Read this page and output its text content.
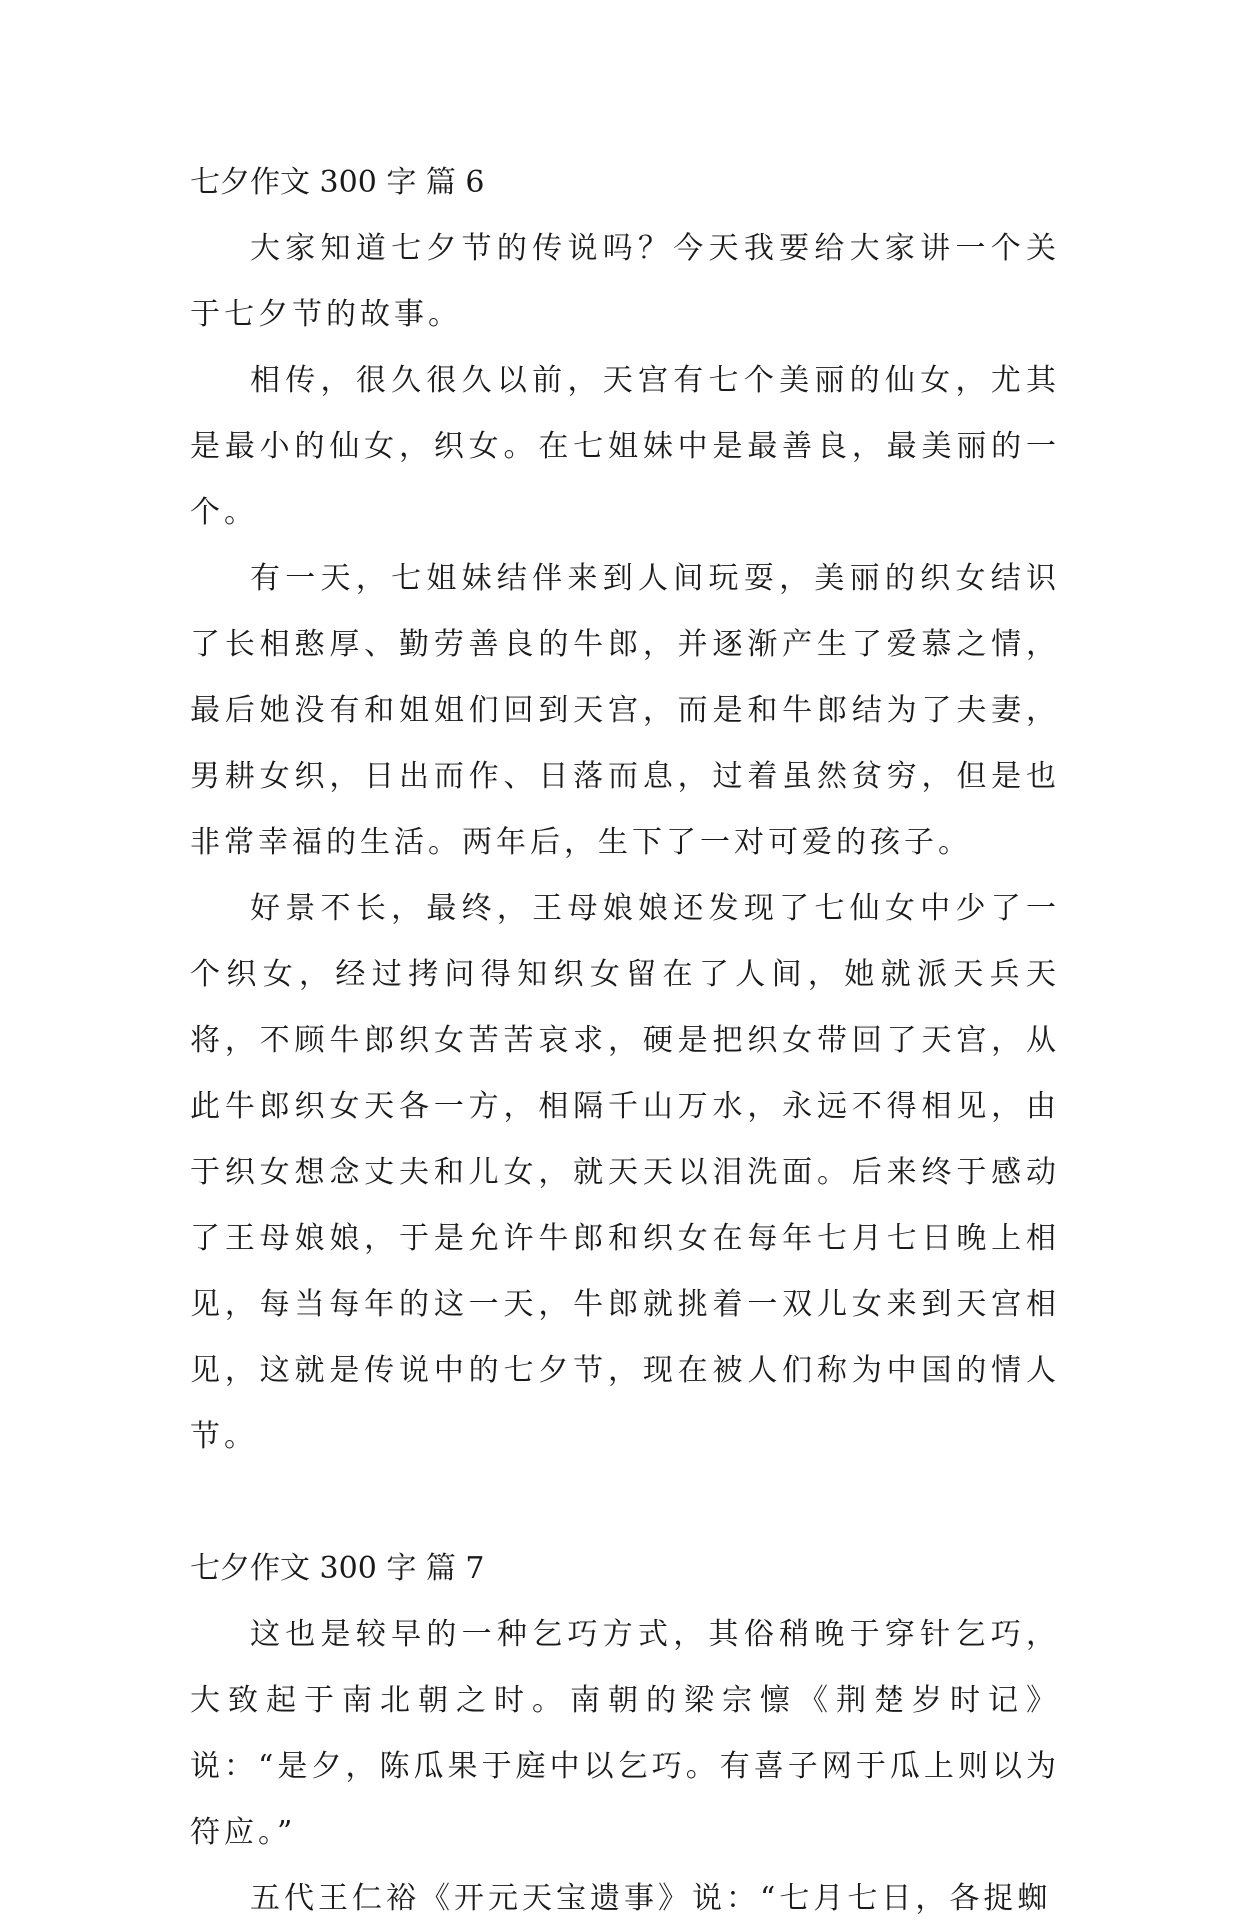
七夕作文 300 字 篇 6

大家知道七夕节的传说吗？今天我要给大家讲一个关于七夕节的故事。

相传，很久很久以前，天宫有七个美丽的仙女，尤其是最小的仙女，织女。在七姐妹中是最善良，最美丽的一个。

有一天，七姐妹结伴来到人间玩耍，美丽的织女结识了长相憨厚、勤劳善良的牛郎，并逐渐产生了爱慕之情，最后她没有和姐姐们回到天宫，而是和牛郎结为了夫妻，男耕女织，日出而作、日落而息，过着虽然贫穷，但是也非常幸福的生活。两年后，生下了一对可爱的孩子。

好景不长，最终，王母娘娘还发现了七仙女中少了一个织女，经过拷问得知织女留在了人间，她就派天兵天将，不顾牛郎织女苦苦哀求，硬是把织女带回了天宫，从此牛郎织女天各一方，相隔千山万水，永远不得相见，由于织女想念丈夫和儿女，就天天以泪洗面。后来终于感动了王母娘娘，于是允许牛郎和织女在每年七月七日晚上相见，每当每年的这一天，牛郎就挑着一双儿女来到天宫相见，这就是传说中的七夕节，现在被人们称为中国的情人节。

七夕作文 300 字 篇 7

这也是较早的一种乞巧方式，其俗稍晚于穿针乞巧，大致起于南北朝之时。南朝的梁宗懔《荆楚岁时记》说：“是夕，陈瓜果于庭中以乞巧。有喜子网于瓜上则以为符应。”

五代王仁裕《开元天宝遗事》说：“七月七日，各捉蜘
